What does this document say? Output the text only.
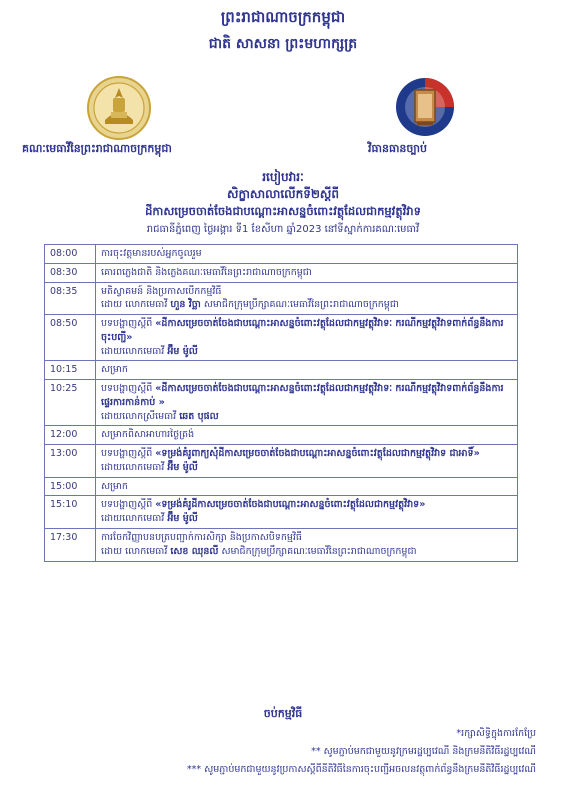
ព្រះរាជាណាចក្រកម្ពុជា
ជាតិ សាសនា ព្រះមហាក្សត្រ
គណៈមេធាវីនៃព្រះរាជាណាចក្រកម្ពុជា	វិធានធានច្បាប់
របៀបវារៈ
សិក្ខាសាលាលើកទី២ស្តីពី
ដីកាសម្រេចចាត់ចែងជាបណ្តោះអាសន្នចំពោះវត្ថុដែលជាកម្មវត្ថុវិវាទ
រាជធានីភ្នំពេញ ថ្ងៃអង្គារ ទី1 ខែសីហា ឆ្នាំ2023 នៅទីស្នាក់ការគណៈមេធាវី
08:00	ការចុះវត្តមានរបស់អ្នកចូលរួម
08:30	គោរពភ្លេងជាតិ និងភ្លេងគណៈមេធាវីនៃព្រះរាជាណាចក្រកម្ពុជា
08:35	មតិស្វាគមន៍ និងប្រកាសបើកកម្មវិធី
ដោយ លោកមេធាវី ហួន វិច្ឆា សមាជិកក្រុមប្រឹក្សាគណៈមេធាវីនៃព្រះរាជាណាចក្រកម្ពុជា

08:50	បទបង្ហាញស្តីពី «ដីកាសម្រេចចាត់ចែងជាបណ្តោះអាសន្នចំពោះវត្ថុដែលជាកម្មវត្ថុវិវាទៈ ករណីកម្មវត្ថុវិវាទពាក់ព័ន្ធនឹងការចុះបញ្ជី»
ដោយលោកមេធាវី អ៊ឹម ម៉ូលី

10:15	សម្រាក
10:25	បទបង្ហាញស្តីពី «ដីកាសម្រេចចាត់ចែងជាបណ្តោះអាសន្នចំពោះវត្ថុដែលជាកម្មវត្ថុវិវាទៈ ករណីកម្មវត្ថុវិវាទពាក់ព័ន្ធនឹងការផ្ទេរការកាន់កាប់ »
ដោយលោកស្រីមេធាវី ឆេត បុផល

12:00	សម្រាកពិសាអាហារថ្ងៃត្រង់
13:00	បទបង្ហាញស្តីពី «ទម្រង់គំរូពាក្យសុំដីកាសម្រេចចាត់ចែងជាបណ្តោះអាសន្នចំពោះវត្ថុដែលជាកម្មវត្ថុវិវាទ ជាអាទិ៍»
ដោយលោកមេធាវី អ៊ឹម ម៉ូលី

15:00	សម្រាក
15:10	បទបង្ហាញស្តីពី «ទម្រង់គំរូដីកាសម្រេចចាត់ចែងជាបណ្តោះអាសន្នចំពោះវត្ថុដែលជាកម្មវត្ថុវិវាទ»
ដោយលោកមេធាវី អ៊ឹម ម៉ូលី

17:30	ការចែកវិញ្ញាបនបត្របញ្ជាក់ការសិក្សា និងប្រកាសបិទកម្មវិធី
ដោយ លោកមេធាវី សេខ ឈុនលី សមាជិកក្រុមប្រឹក្សាគណៈមេធាវីនៃព្រះរាជាណាចក្រកម្ពុជា
ចប់កម្មវិធី
*រក្សាសិទ្ធិក្នុងការកែប្រែ
** សូមភ្ជាប់មកជាមួយនូវក្រមរដ្ឋប្បវេណី និងក្រមនីតិវិធីរដ្ឋប្បវេណី
*** សូមភ្ជាប់មកជាមួយនូវប្រកាសស្តីពីនីតិវិធីនៃការចុះបញ្ជីអចលនវត្ថុពាក់ព័ន្ធនឹងក្រមនីតិវិធីរដ្ឋប្បវេណី
